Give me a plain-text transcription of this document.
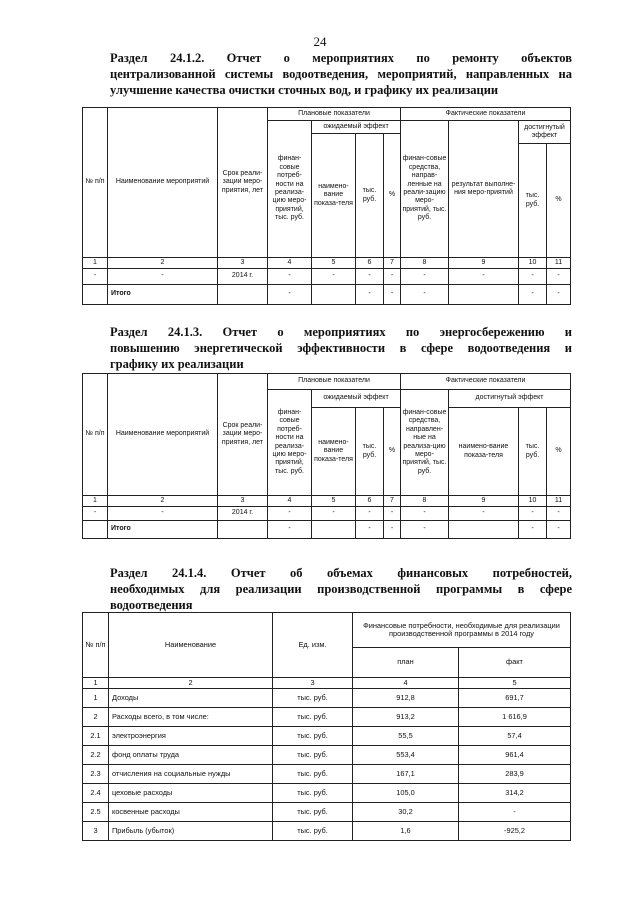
24
Раздел 24.1.2. Отчет о мероприятиях по ремонту объектов
централизованной системы водоотведения, мероприятий, направленных на

улучшение качества очистки сточных вод, и графику их реализации
№ п/п	Наименование мероприятий	Срок реали-зации меро-приятия, лет	Плановые показатели				Фактические показатели			
			финан-совые потреб-ности на реализа-цию меро-приятий, тыс. руб.	ожидаемый эффект			финан-совые средства, направ-ленные на реали-зацию меро-приятий, тыс. руб.	результат выполне-ния меро-приятий	достигнутый эффект	
				наимено-вание показа-теля	тыс. руб.	%				
									тыс. руб.	%
1	2	3	4	5	6	7	8	9	10	11
-	-	2014 г.	-	-	-	-	-	-	-	-
	Итого		-		-	-	-		-	-
Раздел 24.1.3. Отчет о мероприятиях по энергосбережению и
повышению энергетической эффективности в сфере водоотведения и

графику их реализации
№ п/п	Наименование мероприятий	Срок реали-зации меро-приятия, лет	Плановые показатели				Фактические показатели			
			финан-совые потреб-ности на реализа-цию меро-приятий, тыс. руб.	ожидаемый эффект			финан-совые средства, направлен-ные на реализа-цию меро-приятий, тыс. руб.	достигнутый эффект		
				наимено-вание показа-теля	тыс. руб.	%		наимено-вание показа-теля	тыс. руб.	%
1	2	3	4	5	6	7	8	9	10	11
-	-	2014 г.	-	-	-	-	-	-	-	-
	Итого		-		-	-	-		-	-
Раздел 24.1.4. Отчет об объемах финансовых потребностей,
необходимых для реализации производственной программы в сфере

водоотведения
№ п/п	Наименование	Ед. изм.	Финансовые потребности, необходимые для реализации производственной программы в 2014 году	
			план	факт
1	2	3	4	5
1	Доходы	тыс. руб.	912,8	691,7
2	Расходы всего, в том числе:	тыс. руб.	913,2	1 616,9
2.1	электроэнергия	тыс. руб.	55,5	57,4
2.2	фонд оплаты труда	тыс. руб.	553,4	961,4
2.3	отчисления на социальные нужды	тыс. руб.	167,1	283,9
2.4	цеховые расходы	тыс. руб.	105,0	314,2
2.5	косвенные расходы	тыс. руб.	30,2	-
3	Прибыль (убыток)	тыс. руб.	1,6	-925,2
